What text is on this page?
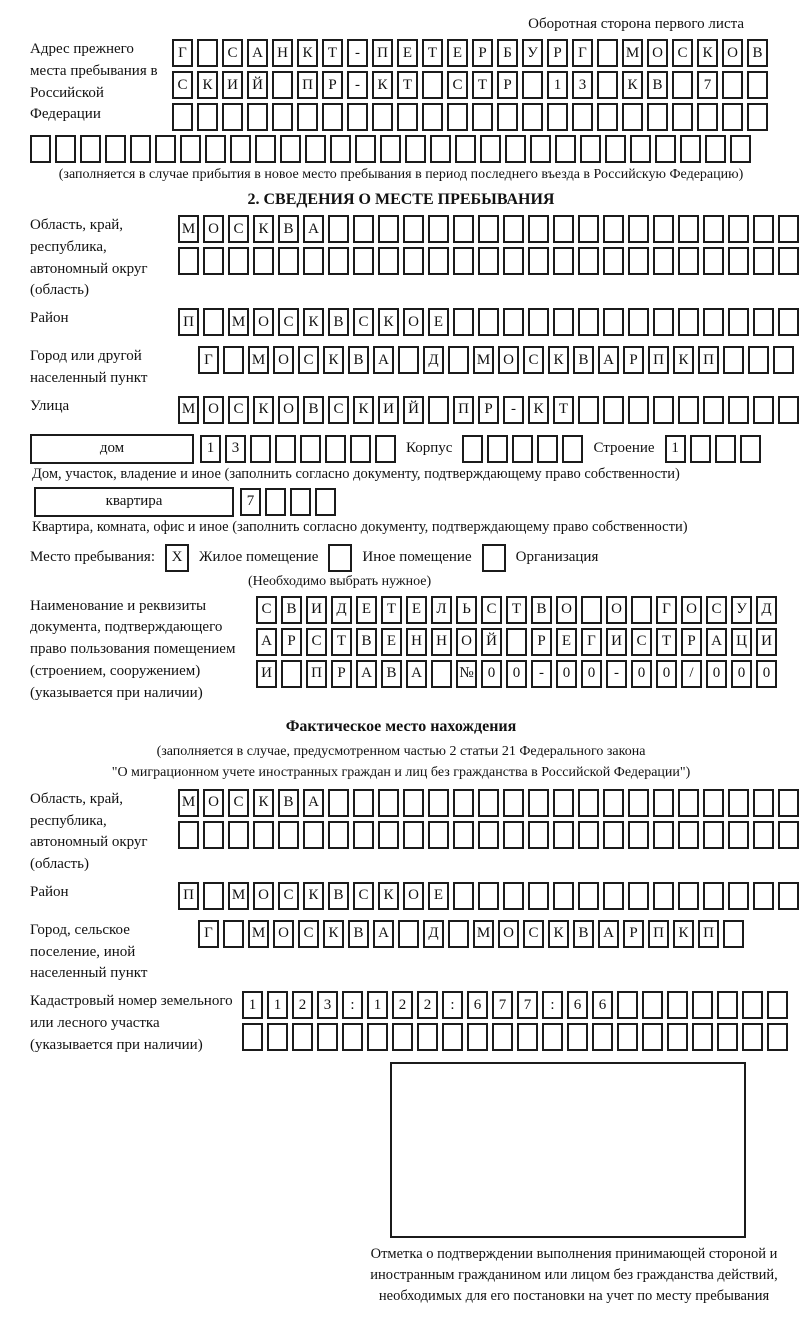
Оборотная сторона первого листа
Адрес прежнего места пребывания в Российской Федерации
Г	С А Н К	Т	-	П Е	Т	Е	Р	Б	У	Р	Г	М О С К О В
С К И Й	П	Р	-	К	Т	С	Т	Р	1	3	К В	7
(заполняется в случае прибытия в новое место пребывания в период последнего въезда в Российскую Федерацию)
2. СВЕДЕНИЯ О МЕСТЕ ПРЕБЫВАНИЯ
Область, край, республика, автономный округ (область)
М О С К В А
Район	П	М О С К В С К О Е
Город или другой населенный пункт
Г	М О С К В А	Д	М О С К В А	Р	П К П
Улица	М О С К О В С К И Й	П	Р	-	К	Т
дом	1	3	Корпус	Строение	1
Дом, участок, владение и иное (заполнить согласно документу, подтверждающему право собственности)
квартира	7
Квартира, комната, офис и иное (заполнить согласно документу, подтверждающему право собственности)
Место пребывания:	X	Жилое помещение	Иное помещение	Организация
(Необходимо выбрать нужное)
Наименование и реквизиты документа, подтверждающего право пользования помещением (строением, сооружением) (указывается при наличии)
С В И Д	Е	Т	Е	Л	Ь	С	Т	В О	О	Г	О С У Д
А	Р	С	Т	В	Е	Н Н О Й	Р	Е	Г	И С	Т	Р	А Ц И
И	П	Р	А В А	№ 0	0	-	0	0	-	0	0	/	0	0	0
Фактическое место нахождения
(заполняется в случае, предусмотренном частью 2 статьи 21 Федерального закона
"О миграционном учете иностранных граждан и лиц без гражданства в Российской Федерации")
Область, край, республика, автономный округ (область)
М О С К В А
Район	П	М О С К В С К О Е
Город, сельское поселение, иной населенный пункт
Г	М О С К В А	Д	М О С К В А	Р	П К П
Кадастровый номер земельного или лесного участка (указывается при наличии)
1	1	2	3	:	1	2	2	:	6	7	7	:	6	6
Отметка о подтверждении выполнения принимающей стороной и иностранным гражданином или лицом без гражданства действий, необходимых для его постановки на учет по месту пребывания
